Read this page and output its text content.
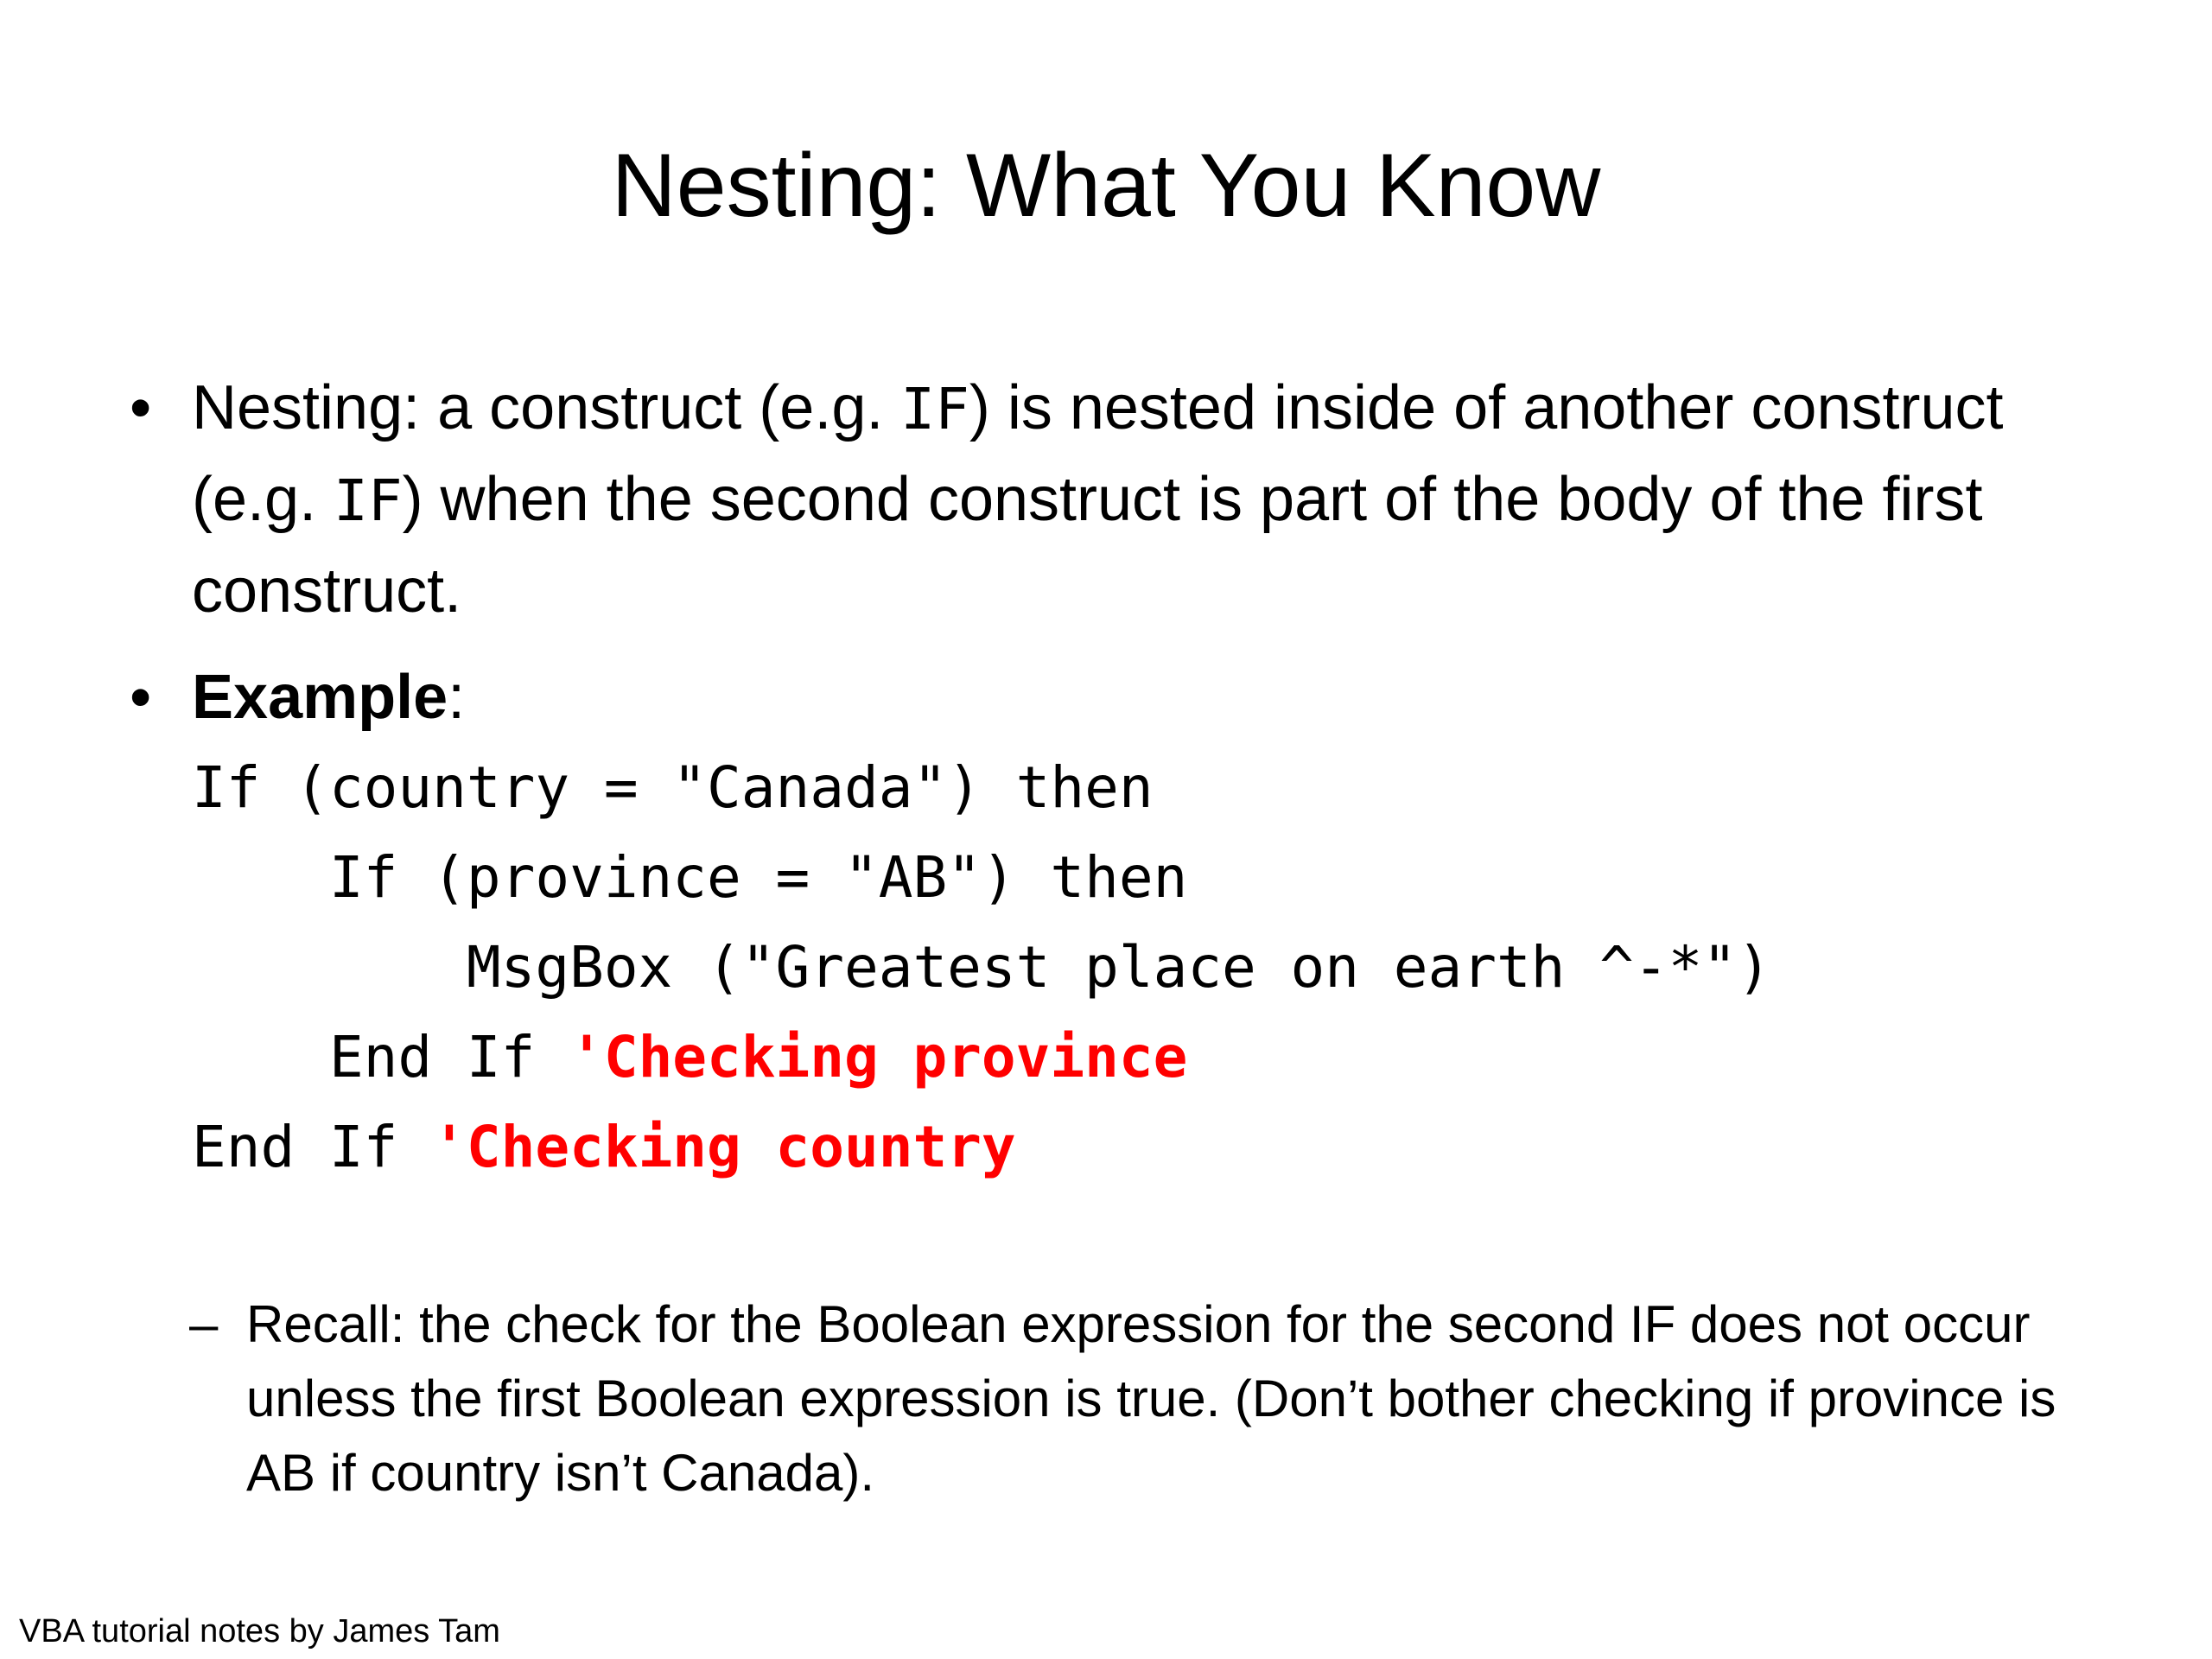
Nesting: What You Know
• Nesting: a construct (e.g. IF) is nested inside of another construct (e.g. IF) when the second construct is part of the body of the first construct.
• Example:

If (country = "Canada") then

If (province = "AB") then

MsgBox ("Greatest place on earth ^-*")

End If 'Checking province

End If 'Checking country

– Recall: the check for the Boolean expression for the second IF does not occur unless the first Boolean expression is true. (Don’t bother checking if province is AB if country isn’t Canada).
VBA tutorial notes by James Tam
